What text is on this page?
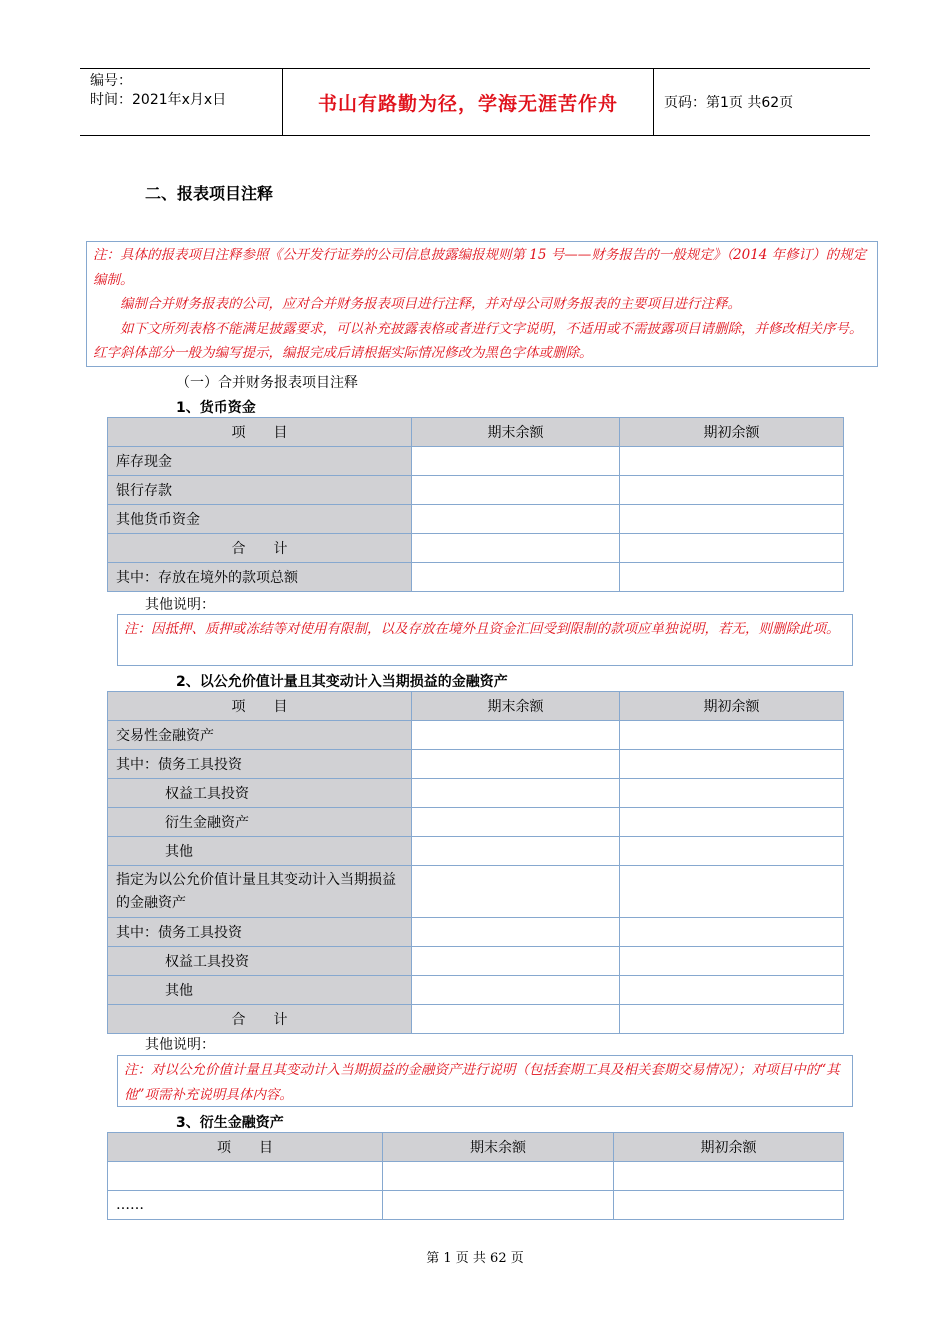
编号：
时间：2021年x月x日	书山有路勤为径，学海无涯苦作舟	页码：第1页 共62页
二、报表项目注释

注：具体的报表项目注释参照《公开发行证券的公司信息披露编报规则第 15 号——财务报告的一般规定》（2014 年修订）的规定编制。

编制合并财务报表的公司，应对合并财务报表项目进行注释，并对母公司财务报表的主要项目进行注释。

如下文所列表格不能满足披露要求，可以补充披露表格或者进行文字说明，不适用或不需披露项目请删除，并修改相关序号。红字斜体部分一般为编写提示，编报完成后请根据实际情况修改为黑色字体或删除。

（一）合并财务报表项目注释
1、货币资金
项　　目	期末余额	期初余额
库存现金		
银行存款		
其他货币资金		
合　　计		
其中：存放在境外的款项总额		
其他说明：
注：因抵押、质押或冻结等对使用有限制，以及存放在境外且资金汇回受到限制的款项应单独说明，若无，则删除此项。
2、以公允价值计量且其变动计入当期损益的金融资产
项　　目	期末余额	期初余额
交易性金融资产		
其中：债务工具投资		
权益工具投资		
衍生金融资产		
其他		
指定为以公允价值计量且其变动计入当期损益的金融资产		
其中：债务工具投资		
权益工具投资		
其他		
合　　计		
其他说明：
注：对以公允价值计量且其变动计入当期损益的金融资产进行说明（包括套期工具及相关套期交易情况）；对项目中的“其他”项需补充说明具体内容。
3、衍生金融资产
项　　目	期末余额	期初余额

……		
第 1 页 共 62 页
